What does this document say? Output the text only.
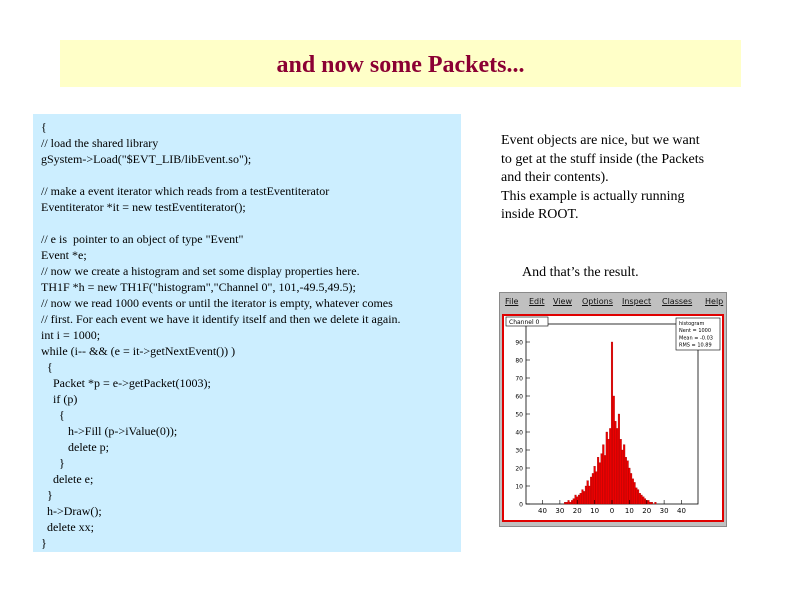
and now some Packets...
{
// load the shared library
gSystem->Load("$EVT_LIB/libEvent.so");

// make a event iterator which reads from a testEventiterator
Eventiterator *it = new testEventiterator();

// e is  pointer to an object of type "Event"
Event *e;
// now we create a histogram and set some display properties here.
TH1F *h = new TH1F("histogram","Channel 0", 101,-49.5,49.5);
// now we read 1000 events or until the iterator is empty, whatever comes
// first. For each event we have it identify itself and then we delete it again.
int i = 1000;
while (i-- && (e = it->getNextEvent()) )
{
Packet *p = e->getPacket(1003);
if (p)
{
h->Fill (p->iValue(0));
delete p;
}
delete e;
}
h->Draw();
delete xx;
}
Event objects are nice, but we want
to get at the stuff inside (the Packets
and their contents).
This example is actually running
inside ROOT.
And that’s the result.
File Edit View Options Inspect Classes Help
0
10
20
30
40
50
60
70
80
90
40 30 20 10 0 10 20 30 40
Channel 0	histogram
Nent = 1000
Mean = -0.03
RMS = 10.89
